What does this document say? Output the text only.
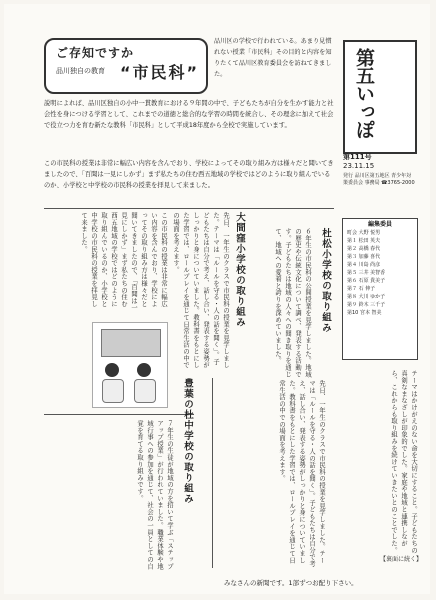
ご存知ですか
品川独自の教育
“	市民科 ”
品川区の学校で行われている。あまり見慣れない授業「市民科」その目的と内容を知りたくて品川区教育委員会を訪ねてきました。	第五いっぽ
第111号
23.11.15
発行 品川区第五地区 青少年対策委員会 事務局 ☎3765-2000
編集委員
町会 大野 悦男
第１ 松田 英夫
第２ 高橋 春代
第３ 加藤 喜代
第４ 川島 尚彦
第５ 三井 美智香
第６ 石原 貴美子
第７ 石 伸子
第８ 大川 ゆか子
第９ 鈴木 三千子
第10 宮本 智美
説明によれば、品川区独自の小中一貫教育における９年間の中で、子どもたちが自分を生かす能力と社会性を身につける学習として、これまでの道徳と総合的な学習の時間を統合し、その理念に加えて社会で役立つ力を育む新たな教科「市民科」として平成18年度から全校で実施しています。
この市民科の授業は非常に幅広い内容を含んでおり、学校によってその取り組み方は様々だと聞いてきましたので、「百聞は一見にしかず」まず私たちの住む西五地域の学校ではどのように取り組んでいるのか、小学校と中学校の市民科の授業を拝見して来ました。
大間窪小学校の取り組み
先日、一年生のクラスで市民科の授業を見学しました。テーマは「ルールを守る・人の話を聞く」。子どもたちは自分で考え、話し合い、発表する姿勢がしっかりと身についていました。教科書をもとにした学習では、ロールプレイを通じて日常生活の中での場面を考えます。
この市民科の授業は非常に幅広い内容を含んでおり、学校によってその取り組み方は様々だと聞いてきましたので、「百聞は一見にしかず」まず私たちの住む西五地域の学校ではどのように取り組んでいるのか、小学校と中学校の市民科の授業を拝見して来ました。
豊葉の杜中学校の取り組み
７年生の生徒が地域の方を招いて学ぶ「ステップアップ授業」が行われていました。職業体験や地域行事への参加を通じて、社会の一員としての自覚を育てる取り組みです。
杜松小学校の取り組み
６年生の市民科の公開授業を見学しました。地域の歴史や伝統文化について調べ、発表する活動です。子どもたちは地域の人々への聞き取りを通じて、地域への愛着と誇りを深めていました。
先日、一年生のクラスで市民科の授業を見学しました。テーマは「ルールを守る・人の話を聞く」。子どもたちは自分で考え、話し合い、発表する姿勢がしっかりと身についていました。教科書をもとにした学習では、ロールプレイを通じて日常生活の中での場面を考えます。	テーマはかけがえのない命を大切にすること。子どもたちの真剣なまなざしが印象的でした。家庭や地域と連携しながら、これからも取り組みを続けていきたいとのことでした。
【裏面に続く】
みなさんの新聞です。1部ずつお配り下さい。
